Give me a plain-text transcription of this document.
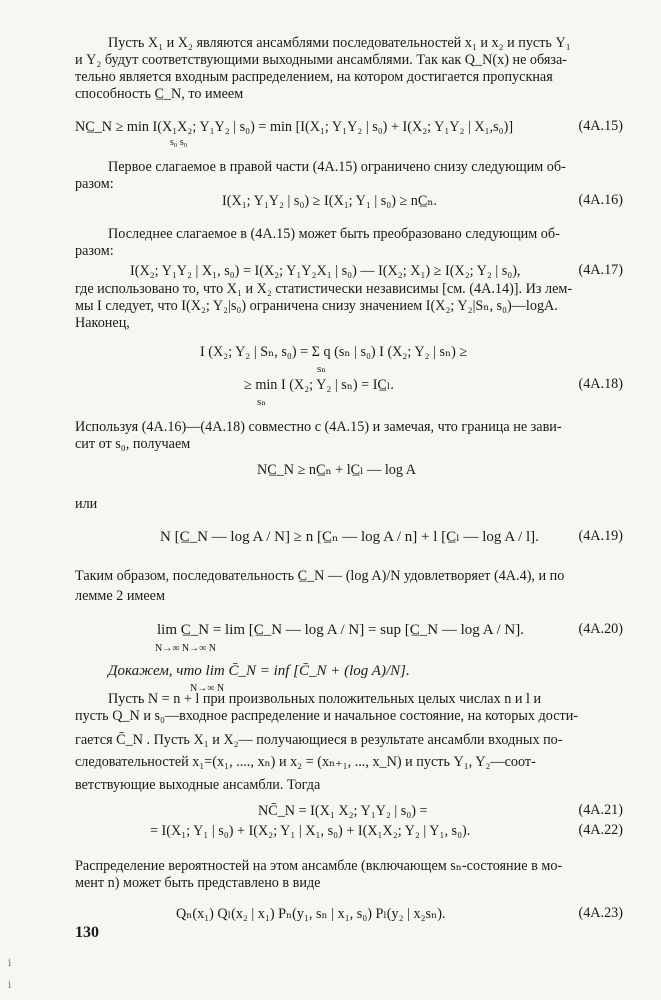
Пусть X₁ и X₂ являются ансамблями последовательностей x₁ и x₂ и пусть Y₁
и Y₂ будут соответствующими выходными ансамблями. Так как Q_N(x) не обяза-
тельно является входным распределением, на котором достигается пропускная
способность C̲_N, то имеем
NC̲_N ≥ min I(X₁X₂; Y₁Y₂ | s₀) = min [I(X₁; Y₁Y₂ | s₀) + I(X₂; Y₁Y₂ | X₁,s₀)]
s₀ s₀
(4А.15)
Первое слагаемое в правой части (4А.15) ограничено снизу следующим об-
разом:
I(X₁; Y₁Y₂ | s₀) ≥ I(X₁; Y₁ | s₀) ≥ nC̲ₙ.	(4А.16)
Последнее слагаемое в (4А.15) может быть преобразовано следующим об-
разом:
I(X₂; Y₁Y₂ | X₁, s₀) = I(X₂; Y₁Y₂X₁ | s₀) — I(X₂; X₁) ≥ I(X₂; Y₂ | s₀),	(4А.17)
где использовано то, что X₁ и X₂ статистически независимы [см. (4А.14)]. Из лем-
мы I следует, что I(X₂; Y₂|s₀) ограничена снизу значением I(X₂; Y₂|Sₙ, s₀)—logA.
Наконец,
I (X₂; Y₂ | Sₙ, s₀) = Σ q (sₙ | s₀) I (X₂; Y₂ | sₙ) ≥
sₙ
≥ min I (X₂; Y₂ | sₙ) = IC̲ₗ.
sₙ
(4А.18)
Используя (4А.16)—(4А.18) совместно с (4А.15) и замечая, что граница не зави-
сит от s₀, получаем
NC̲_N ≥ nC̲ₙ + lC̲ₗ — log A
или
N [C̲_N — log A / N] ≥ n [C̲ₙ — log A / n] + l [C̲ₗ — log A / l].	(4А.19)
Таким образом, последовательность C̲_N — (log A)/N удовлетворяет (4А.4), и по
лемме 2 имеем
lim C̲_N = lim [C̲_N — log A / N] = sup [C̲_N — log A / N].
N→∞ N→∞ N
(4А.20)
Докажем, что lim C̄_N = inf [C̄_N + (log A)/N].
N→∞ N
Пусть N = n + l при произвольных положительных целых числах n и l и
пусть Q_N и s₀—входное распределение и начальное состояние, на которых дости-
гается C̄_N . Пусть X₁ и X₂— получающиеся в результате ансамбли входных по-
следовательностей x₁=(x₁, ...., xₙ) и x₂ = (xₙ₊₁, ..., x_N) и пусть Y₁, Y₂—соот-
ветствующие выходные ансамбли. Тогда
NC̄_N = I(X₁ X₂; Y₁Y₂ | s₀) =	(4А.21)
= I(X₁; Y₁ | s₀) + I(X₂; Y₁ | X₁, s₀) + I(X₁X₂; Y₂ | Y₁, s₀).	(4А.22)
Распределение вероятностей на этом ансамбле (включающем sₙ-состояние в мо-
мент n) может быть представлено в виде
Qₙ(x₁) Qₗ(x₂ | x₁) Pₙ(y₁, sₙ | x₁, s₀) Pₗ(y₂ | x₂sₙ).	(4А.23)
130
ⅰ
ⅰ
